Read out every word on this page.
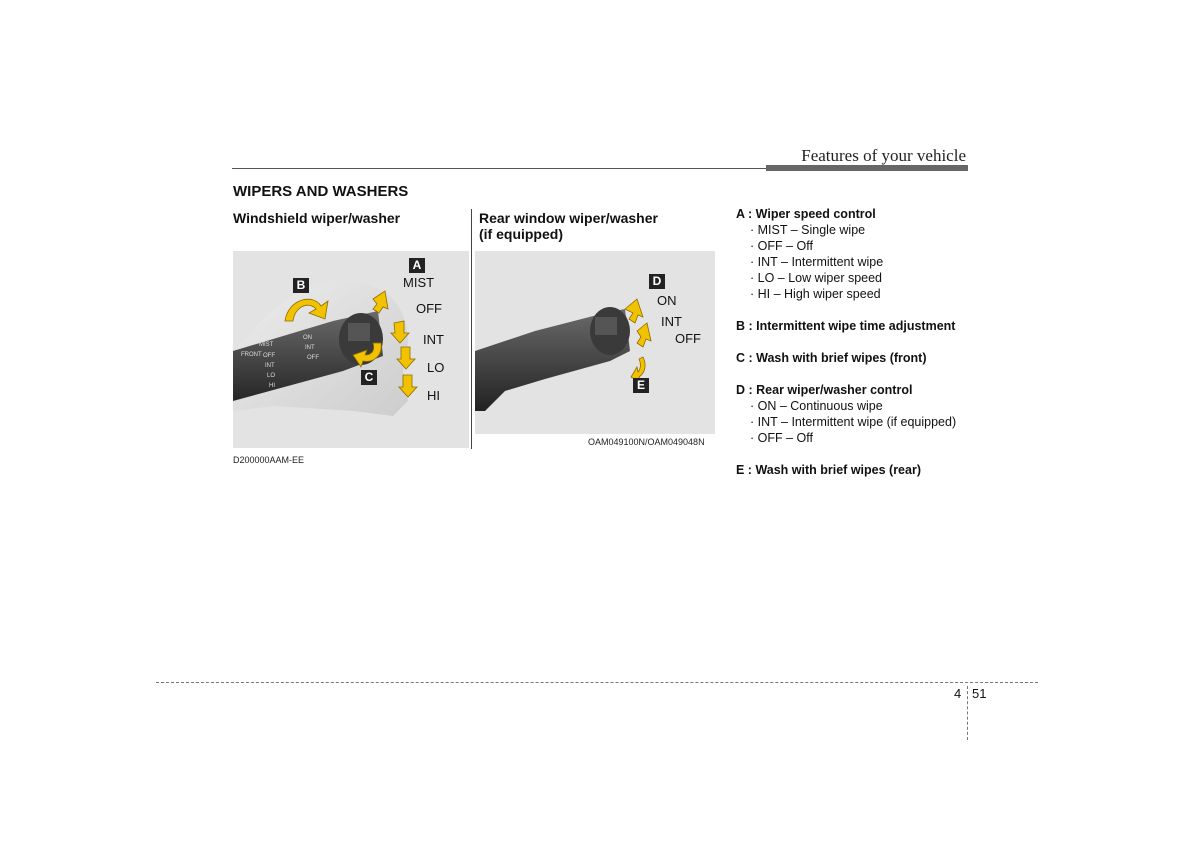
Features of your vehicle
WIPERS AND WASHERS
Windshield wiper/washer	Rear window wiper/washer
(if equipped)
FRONT
MIST
OFF
INT
LO
HI
ON
INT
OFF
A
B
C
MIST
OFF
INT
LO
HI
D
E
ON
INT
OFF
D200000AAM-EE
OAM049100N/OAM049048N
A : Wiper speed control
· MIST – Single wipe
· OFF – Off
· INT – Intermittent wipe
· LO – Low wiper speed
· HI – High wiper speed
B : Intermittent wipe time adjustment
C : Wash with brief wipes (front)
D : Rear wiper/washer control
· ON – Continuous wipe
· INT – Intermittent wipe (if equipped)
· OFF – Off
E : Wash with brief wipes (rear)
4 51
